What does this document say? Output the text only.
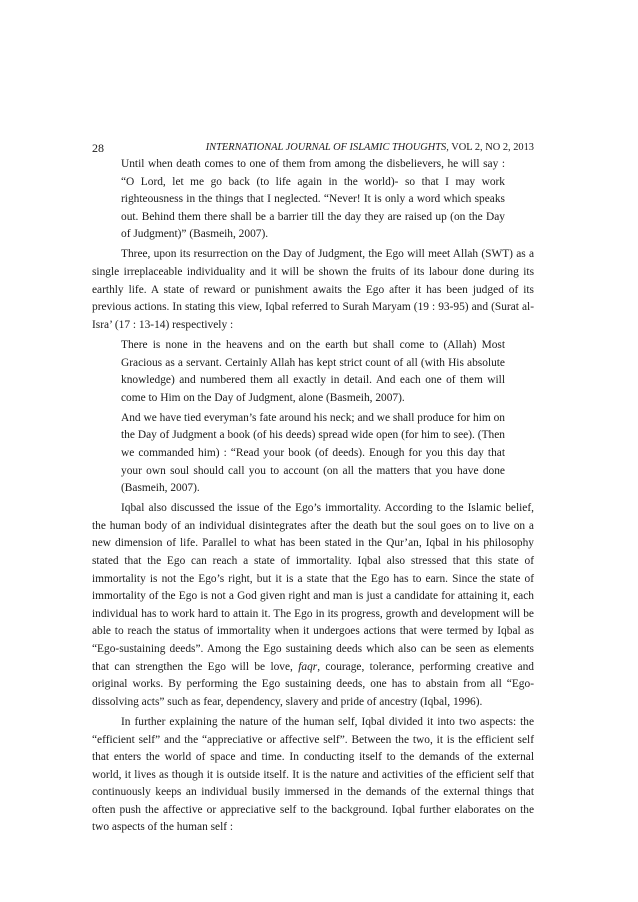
28	INTERNATIONAL JOURNAL OF ISLAMIC THOUGHTS, VOL 2, NO 2, 2013

Until when death comes to one of them from among the disbelievers, he will say : “O Lord, let me go back (to life again in the world)- so that I may work righteousness in the things that I neglected. “Never! It is only a word which speaks out. Behind them there shall be a barrier till the day they are raised up (on the Day of Judgment)” (Basmeih, 2007).

Three, upon its resurrection on the Day of Judgment, the Ego will meet Allah (SWT) as a single irreplaceable individuality and it will be shown the fruits of its labour done during its earthly life. A state of reward or punishment awaits the Ego after it has been judged of its previous actions. In stating this view, Iqbal referred to Surah Maryam (19 : 93-95) and (Surat al-Isra’ (17 : 13-14) respectively :

There is none in the heavens and on the earth but shall come to (Allah) Most Gracious as a servant. Certainly Allah has kept strict count of all (with His absolute knowledge) and numbered them all exactly in detail. And each one of them will come to Him on the Day of Judgment, alone (Basmeih, 2007).

And we have tied everyman’s fate around his neck; and we shall produce for him on the Day of Judgment a book (of his deeds) spread wide open (for him to see). (Then we commanded him) : “Read your book (of deeds). Enough for you this day that your own soul should call you to account (on all the matters that you have done (Basmeih, 2007).

Iqbal also discussed the issue of the Ego’s immortality. According to the Islamic belief, the human body of an individual disintegrates after the death but the soul goes on to live on a new dimension of life. Parallel to what has been stated in the Qur’an, Iqbal in his philosophy stated that the Ego can reach a state of immortality. Iqbal also stressed that this state of immortality is not the Ego’s right, but it is a state that the Ego has to earn. Since the state of immortality of the Ego is not a God given right and man is just a candidate for attaining it, each individual has to work hard to attain it. The Ego in its progress, growth and development will be able to reach the status of immortality when it undergoes actions that were termed by Iqbal as “Ego-sustaining deeds”. Among the Ego sustaining deeds which also can be seen as elements that can strengthen the Ego will be love, faqr, courage, tolerance, performing creative and original works. By performing the Ego sustaining deeds, one has to abstain from all “Ego-dissolving acts” such as fear, dependency, slavery and pride of ancestry (Iqbal, 1996).

In further explaining the nature of the human self, Iqbal divided it into two aspects: the “efficient self” and the “appreciative or affective self”. Between the two, it is the efficient self that enters the world of space and time. In conducting itself to the demands of the external world, it lives as though it is outside itself. It is the nature and activities of the efficient self that continuously keeps an individual busily immersed in the demands of the external things that often push the affective or appreciative self to the background. Iqbal further elaborates on the two aspects of the human self :
